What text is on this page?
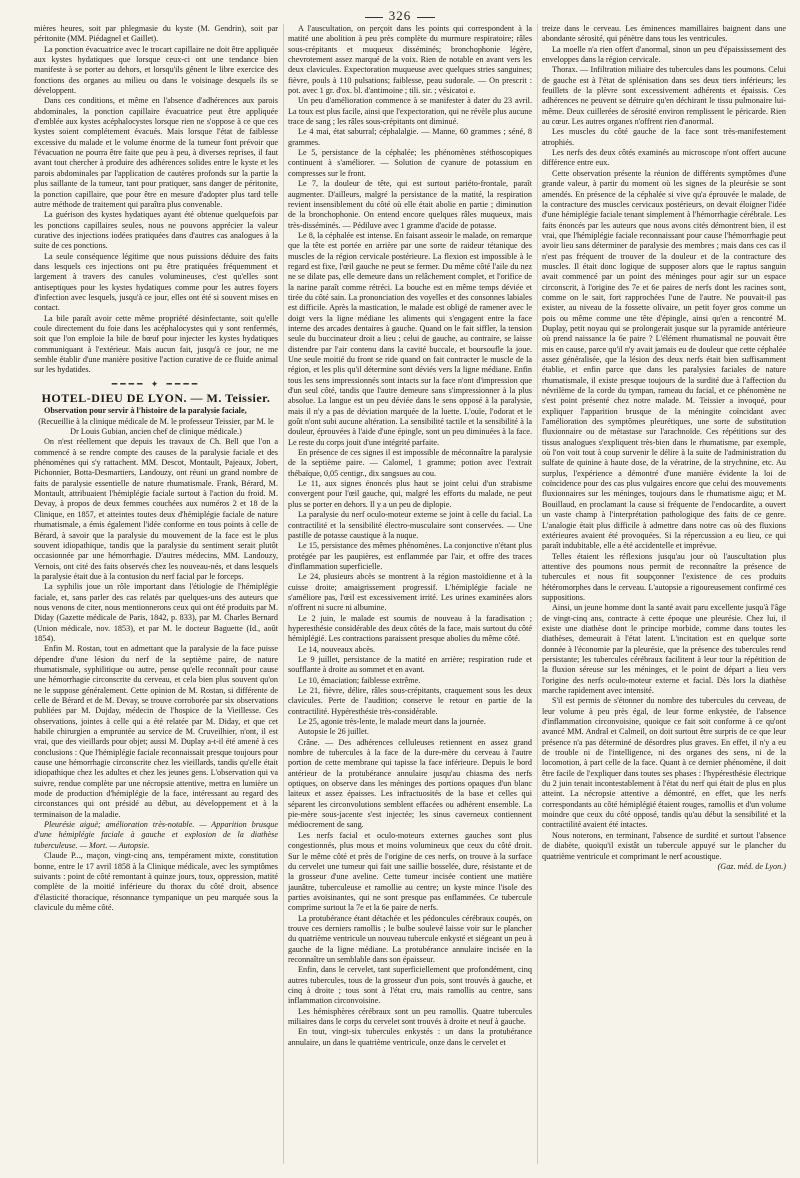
326

mières heures, soit par phlegmasie du kyste (M. Gendrin), soit par péritonite (MM. Piédagnel et Gaillet).

La ponction évacuatrice avec le trocart capillaire ne doit être appliquée aux kystes hydatiques que lorsque ceux-ci ont une tendance bien manifeste à se porter au dehors, et lorsqu'ils gênent le libre exercice des fonctions des organes au milieu ou dans le voisinage desquels ils se développent.

Dans ces conditions, et même en l'absence d'adhérences aux parois abdominales, la ponction capillaire évacuatrice peut être appliquée d'emblée aux kystes acéphalocystes lorsque rien ne s'oppose à ce que ces kystes soient complétement évacués. Mais lorsque l'état de faiblesse excessive du malade et le volume énorme de la tumeur font prévoir que l'évacuation ne pourra être faite que peu à peu, à diverses reprises, il faut avant tout chercher à produire des adhérences solides entre le kyste et les parois abdominales par l'application de cautères profonds sur la partie la plus saillante de la tumeur, tant pour pratiquer, sans danger de péritonite, la ponction capillaire, que pour être en mesure d'adopter plus tard telle autre méthode de traitement qui paraîtra plus convenable.

La guérison des kystes hydatiques ayant été obtenue quelquefois par les ponctions capillaires seules, nous ne pouvons apprécier la valeur curative des injections iodées pratiquées dans d'autres cas analogues à la suite de ces ponctions.

La seule conséquence légitime que nous puissions déduire des faits dans lesquels ces injections ont pu être pratiquées fréquemment et largement à travers des canules volumineuses, c'est qu'elles sont antiseptiques pour les kystes hydatiques comme pour les autres foyers d'infection avec lesquels, jusqu'à ce jour, elles ont été si souvent mises en contact.

La bile paraît avoir cette même propriété désinfectante, soit qu'elle coule directement du foie dans les acéphalocystes qui y sont renfermés, soit que l'on emploie la bile de bœuf pour injecter les kystes hydatiques communiquant à l'extérieur. Mais aucun fait, jusqu'à ce jour, ne me semble établir d'une manière positive l'action curative de ce fluide animal sur les hydatides.

━━━━ ✦ ━━━━
HOTEL-DIEU DE LYON. — M. Teissier.

Observation pour servir à l'histoire de la paralysie faciale,

(Recueillie à la clinique médicale de M. le professeur Teissier, par M. le Dr Louis Gubian, ancien chef de clinique médicale.)

On n'est réellement que depuis les travaux de Ch. Bell que l'on a commencé à se rendre compte des causes de la paralysie faciale et des phénomènes qui s'y rattachent. MM. Descot, Montault, Pajeaux, Jobert, Pichonnier, Botta-Desmartiers, Landouzy, ont réuni un grand nombre de faits de paralysie essentielle de nature rhumatismale. Frank, Bérard, M. Montault, attribuaient l'hémiplégie faciale surtout à l'action du froid. M. Devay, à propos de deux femmes couchées aux numéros 2 et 18 de la Clinique, en 1857, et atteintes toutes deux d'hémiplégie faciale de nature rhumatismale, a émis également l'idée conforme en tous points à celle de Bérard, à savoir que la paralysie du mouvement de la face est le plus souvent idiopathique, tandis que la paralysie du sentiment serait plutôt occasionnée par une hémorrhagie. D'autres médecins, MM. Landouzy, Vernois, ont cité des faits observés chez les nouveau-nés, et dans lesquels la paralysie était due à la contusion du nerf facial par le forceps.

La syphilis joue un rôle important dans l'étiologie de l'hémiplégie faciale, et, sans parler des cas relatés par quelques-uns des auteurs que nous venons de citer, nous mentionnerons ceux qui ont été produits par M. Diday (Gazette médicale de Paris, 1842, p. 833), par M. Charles Bernard (Union médicale, nov. 1853), et par M. le docteur Baguette (Id., août 1854).

Enfin M. Rostan, tout en admettant que la paralysie de la face puisse dépendre d'une lésion du nerf de la septième paire, de nature rhumatismale, syphilitique ou autre, pense qu'elle reconnaît pour cause une hémorrhagie circonscrite du cerveau, et cela bien plus souvent qu'on ne le suppose généralement. Cette opinion de M. Rostan, si différente de celle de Bérard et de M. Devay, se trouve corroborée par six observations publiées par M. Dujday, médecin de l'hospice de la Vieillesse. Ces observations, jointes à celle qui a été relatée par M. Diday, et que cet habile chirurgien a empruntée au service de M. Cruveilhier, n'ont, il est vrai, que des vieillards pour objet; aussi M. Duplay a-t-il été amené à ces conclusions : Que l'hémiplégie faciale reconnaissait presque toujours pour cause une hémorrhagie circonscrite chez les vieillards, tandis qu'elle était idiopathique chez les adultes et chez les jeunes gens. L'observation qui va suivre, rendue complète par une nécropsie attentive, mettra en lumière un mode de production d'hémiplégie de la face, intéressant au regard des circonstances qui ont présidé au début, au développement et à la terminaison de la maladie.

Pleurésie aiguë; amélioration très-notable. — Apparition brusque d'une hémiplégie faciale à gauche et explosion de la diathèse tuberculeuse. — Mort. — Autopsie.

Claude P..., maçon, vingt-cinq ans, tempérament mixte, constitution bonne, entre le 17 avril 1858 à la Clinique médicale, avec les symptômes suivants : point de côté remontant à quinze jours, toux, oppression, matité complète de la moitié inférieure du thorax du côté droit, absence d'élasticité thoracique, résonnance tympanique un peu marquée sous la clavicule du même côté.

A l'auscultation, on perçoit dans les points qui correspondent à la matité une abolition à peu près complète du murmure respiratoire; râles sous-crépitants et muqueux disséminés; bronchophonie légère, chevrotement assez marqué de la voix. Rien de notable en avant vers les deux clavicules. Expectoration muqueuse avec quelques stries sanguines; fièvre, pouls à 110 pulsations; faiblesse, peau sudorale. — On prescrit : pot. avec 1 gr. d'ox. bl. d'antimoine ; tili. sir. ; vésicatoi e.

Un peu d'amélioration commence à se manifester à dater du 23 avril. La toux est plus facile, ainsi que l'expectoration, qui ne révèle plus aucune trace de sang ; les râles sous-crépitants ont diminué.

Le 4 mai, état saburral; céphalalgie. — Manne, 60 grammes ; séné, 8 grammes.

Le 5, persistance de la céphalée; les phénomènes stéthoscopiques continuent à s'améliorer. — Solution de cyanure de potassium en compresses sur le front.

Le 7, la douleur de tête, qui est surtout pariéto-frontale, paraît augmenter. D'ailleurs, malgré la persistance de la matité, la respiration revient insensiblement du côté où elle était abolie en partie ; diminution de la bronchophonie. On entend encore quelques râles muqueux, mais très-disséminés. — Pédiluve avec 1 gramme d'acide de potasse.

Le 8, la céphalée est intense. En faisant asseoir le malade, on remarque que la tête est portée en arrière par une sorte de raideur tétanique des muscles de la région cervicale postérieure. La flexion est impossible à le regard est fixe, l'œil gauche ne peut se fermer. Du même côté l'aile du nez ne se dilate pas, elle demeure dans un relâchement complet, et l'orifice de la narine paraît comme rétréci. La bouche est en même temps déviée et tirée du côté sain. La prononciation des voyelles et des consonnes labiales est difficile. Après la mastication, le malade est obligé de ramener avec le doigt vers la ligne médiane les aliments qui s'engagent entre la face interne des arcades dentaires à gauche. Quand on le fait siffler, la tension seule du buccinateur droit a lieu ; celui de gauche, au contraire, se laisse distendre par l'air contenu dans la cavité buccale, et boursoufle la joue. Une seule moitié du front se ride quand on fait contracter le muscle de la région, et les plis qu'il détermine sont déviés vers la ligne médiane. Enfin tous les sens impressionnés sont intacts sur la face n'ont d'impression que d'un seul côté, tandis que l'autre demeure sans s'impressionner à la plus absolue. La langue est un peu déviée dans le sens opposé à la paralysie, mais il n'y a pas de déviation marquée de la luette. L'ouïe, l'odorat et le goût n'ont subi aucune altération. La sensibilité tactile et la sensibilité à la douleur, éprouvées à l'aide d'une épingle, sont un peu diminuées à la face. Le reste du corps jouit d'une intégrité parfaite.

En présence de ces signes il est impossible de méconnaître la paralysie de la septième paire. — Calomel, 1 gramme; potion avec l'extrait thébaïque, 0,05 centigr., dix sangsues au cou.

Le 11, aux signes énoncés plus haut se joint celui d'un strabisme convergent pour l'œil gauche, qui, malgré les efforts du malade, ne peut plus se porter en dehors. Il y a un peu de diplopie.

La paralysie du nerf oculo-moteur externe se joint à celle du facial. La contractilité et la sensibilité électro-musculaire sont conservées. — Une pastille de potasse caustique à la nuque.

Le 15, persistance des mêmes phénomènes. La conjonctive n'étant plus protégée par les paupières, est enflammée par l'air, et offre des traces d'inflammation superficielle.

Le 24, plusieurs abcès se montrent à la région mastoïdienne et à la cuisse droite; amaigrissement progressif. L'hémiplégie faciale ne s'améliore pas, l'œil est excessivement irrité. Les urines examinées alors n'offrent ni sucre ni albumine.

Le 2 juin, le malade est soumis de nouveau à la faradisation ; hyperesthésie considérable des deux côtés de la face, mais surtout du côté hémiplégié. Les contractions paraissent presque abolies du même côté.

Le 14, nouveaux abcès.

Le 9 juillet, persistance de la matité en arrière; respiration rude et soufflante à droite au sommet et en avant.

Le 10, émaciation; faiblesse extrême.

Le 21, fièvre, délire, râles sous-crépitants, craquement sous les deux clavicules. Perte de l'audition; conserve le retour en partie de la contractilité. Hypéresthésie très-considérable.

Le 25, agonie très-lente, le malade meurt dans la journée.

Autopsie le 26 juillet.

Crâne. — Des adhérences celluleuses retiennent en assez grand nombre de tubercules à la face de la dure-mère du cerveau à l'autre portion de cette membrane qui tapisse la face inférieure. Depuis le bord antérieur de la protubérance annulaire jusqu'au chiasma des nerfs optiques, on observe dans les méninges des portions opaques d'un blanc laiteux et assez épaisses. Les infractuosités de la base et celles qui séparent les circonvolutions semblent effacées ou adhérent ensemble. La pie-mère sous-jacente s'est injectée; les sinus caverneux contiennent médiocrement de sang.

Les nerfs facial et oculo-moteurs externes gauches sont plus congestionnés, plus mous et moins volumineux que ceux du côté droit. Sur le même côté et près de l'origine de ces nerfs, on trouve à la surface du cervelet une tumeur qui fait une saillie bosselée, dure, résistante et de la grosseur d'une aveline. Cette tumeur incisée contient une matière jaunâtre, tuberculeuse et ramollie au centre; un kyste mince l'isole des parties avoisinantes, qui ne sont presque pas enflammées. Ce tubercule comprime surtout la 7e et la 6e paire de nerfs.

La protubérance étant détachée et les pédoncules cérébraux coupés, on trouve ces derniers ramollis ; le bulbe soulevé laisse voir sur le plancher du quatrième ventricule un nouveau tubercule enkysté et siégeant un peu à gauche de la ligne médiane. La protubérance annulaire incisée en la reconnaître un semblable dans son épaisseur.

Enfin, dans le cervelet, tant superficiellement que profondément, cinq autres tubercules, tous de la grosseur d'un pois, sont trouvés à gauche, et cinq à droite ; tous sont à l'état cru, mais ramollis au centre, sans inflammation circonvoisine.

Les hémisphères cérébraux sont un peu ramollis. Quatre tubercules miliaires dans le corps du cervelet sont trouvés à droite et neuf à gauche.

En tout, vingt-six tubercules enkystés : un dans la protubérance annulaire, un dans le quatrième ventricule, onze dans le cervelet et

treize dans le cerveau. Les éminences mamillaires baignent dans une abondante sérosité, qui pénètre dans tous les ventricules.

La moelle n'a rien offert d'anormal, sinon un peu d'épaississement des enveloppes dans la région cervicale.

Thorax. — Infiltration miliaire des tubercules dans les poumons. Celui de gauche est à l'état de splénisation dans ses deux tiers inférieurs; les feuillets de la plèvre sont excessivement adhérents et épaissis. Ces adhérences ne peuvent se détruire qu'en déchirant le tissu pulmonaire lui-même. Deux cuillerées de sérosité environ remplissent le péricarde. Rien au cœur. Les autres organes n'offrent rien d'anormal.

Les muscles du côté gauche de la face sont très-manifestement atrophiés.

Les nerfs des deux côtés examinés au microscope n'ont offert aucune différence entre eux.

Cette observation présente la réunion de différents symptômes d'une grande valeur, à partir du moment où les signes de la pleurésie se sont amendés. En présence de la céphalée si vive qu'a éprouvée le malade, de la contracture des muscles cervicaux postérieurs, on devait éloigner l'idée d'une hémiplégie faciale tenant simplement à l'hémorrhagie cérébrale. Les faits énoncés par les auteurs que nous avons cités démontrent bien, il est vrai, que l'hémiplégie faciale reconnaissant pour cause l'hémorrhagie peut avoir lieu sans déterminer de paralysie des membres ; mais dans ces cas il n'est pas fréquent de trouver de la douleur et de la contracture des muscles. Il était donc logique de supposer alors que le raptus sanguin avait commencé par un point des méninges pour agir sur un espace circonscrit, à l'origine des 7e et 6e paires de nerfs dont les racines sont, comme on le sait, fort rapprochées l'une de l'autre. Ne pouvait-il pas exister, au niveau de la fossette olivaire, un petit foyer gros comme un pois ou même comme une tête d'épingle, ainsi qu'en a rencontré M. Duplay, petit noyau qui se prolongerait jusque sur la pyramide antérieure où prend naissance la 6e paire ? L'élément rhumatismal ne pouvait être mis en cause, parce qu'il n'y avait jamais eu de douleur que cette céphalée assez généralisée, que la lésion des deux nerfs était bien suffisamment établie, et enfin parce que dans les paralysies faciales de nature rhumatismale, il existe presque toujours de la surdité due à l'affection du névrilème de la corde du tympan, rameau du facial, et ce phénomène ne s'est point présenté chez notre malade. M. Teissier a invoqué, pour expliquer l'apparition brusque de la méningite coïncidant avec l'amélioration des symptômes pleurétiques, une sorte de substitution fluxionnaire ou de métastase sur l'arachnoïde. Ces répétitions sur des tissus analogues s'expliquent très-bien dans le rhumatisme, par exemple, où l'on voit tout à coup survenir le délire à la suite de l'administration du sulfate de quinine à haute dose, de la vératrine, de la strychnine, etc. Au surplus, l'expérience a démontré d'une manière évidente la loi de coïncidence pour des cas plus vulgaires encore que celui des mouvements fluxionnaires sur les méninges, toujours dans le rhumatisme aigu; et M. Bouillaud, en proclamant la cause si fréquente de l'endocardite, a ouvert un vaste champ à l'interprétation pathologique des faits de ce genre. L'analogie était plus difficile à admettre dans notre cas où des fluxions extérieures avaient été provoquées. Si la répercussion a eu lieu, ce qui paraît indubitable, elle a été accidentelle et imprévue.

Telles étaient les réflexions jusqu'au jour où l'auscultation plus attentive des poumons nous permit de reconnaître la présence de tubercules et nous fit soupçonner l'existence de ces produits hétéromorphes dans le cerveau. L'autopsie a rigoureusement confirmé ces suppositions.

Ainsi, un jeune homme dont la santé avait paru excellente jusqu'à l'âge de vingt-cinq ans, contracte à cette époque une pleurésie. Chez lui, il existe une diathèse dont le principe morbide, comme dans toutes les diathèses, demeurait à l'état latent. L'incitation est en quelque sorte donnée à l'économie par la pleurésie, que la présence des tubercules rend persistante; les tubercules cérébraux facilitent à leur tour la répétition de la fluxion séreuse sur les méninges, et le point de départ a lieu vers l'origine des nerfs oculo-moteur externe et facial. Dès lors la diathèse marche rapidement avec intensité.

S'il est permis de s'étonner du nombre des tubercules du cerveau, de leur volume à peu près égal, de leur forme enkystée, de l'absence d'inflammation circonvoisine, quoique ce fait soit conforme à ce qu'ont avancé MM. Andral et Calmeil, on doit surtout être surpris de ce que leur présence n'a pas déterminé de désordres plus graves. En effet, il n'y a eu de trouble ni de l'intelligence, ni des organes des sens, ni de la locomotion, à part celle de la face. Quant à ce dernier phénomène, il doit être facile de l'expliquer dans toutes ses phases : l'hypéresthésie électrique du 2 juin tenait incontestablement à l'état du nerf qui était de plus en plus atteint. La nécropsie attentive a démontré, en effet, que les nerfs correspondants au côté hémiplégié étaient rouges, ramollis et d'un volume moindre que ceux du côté opposé, tandis qu'au début la sensibilité et la contractilité avaient été intactes.

Nous noterons, en terminant, l'absence de surdité et surtout l'absence de diabète, quoiqu'il existât un tubercule appuyé sur le plancher du quatrième ventricule et comprimant le nerf acoustique.

(Gaz. méd. de Lyon.)
